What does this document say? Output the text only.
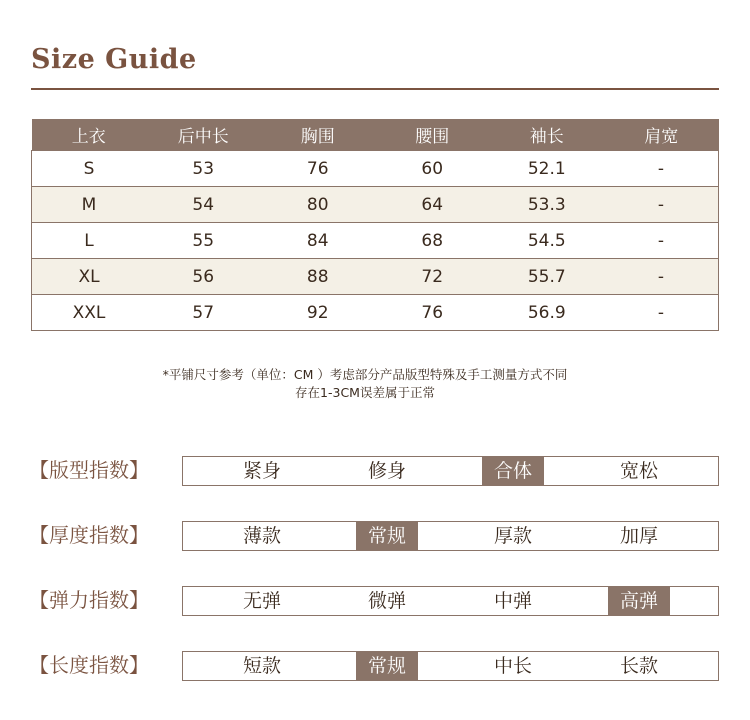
Size Guide
上衣	后中长	胸围	腰围	袖长	肩宽
S	53	76	60	52.1	-
M	54	80	64	53.3	-
L	55	84	68	54.5	-
XL	56	88	72	55.7	-
XXL	57	92	76	56.9	-
*平铺尺寸参考（单位：CM ）考虑部分产品版型特殊及手工测量方式不同
存在1-3CM误差属于正常
【版型指数】	紧身	修身	合体	宽松
【厚度指数】	薄款	常规	厚款	加厚
【弹力指数】	无弹	微弹	中弹	高弹
【长度指数】	短款	常规	中长	长款
